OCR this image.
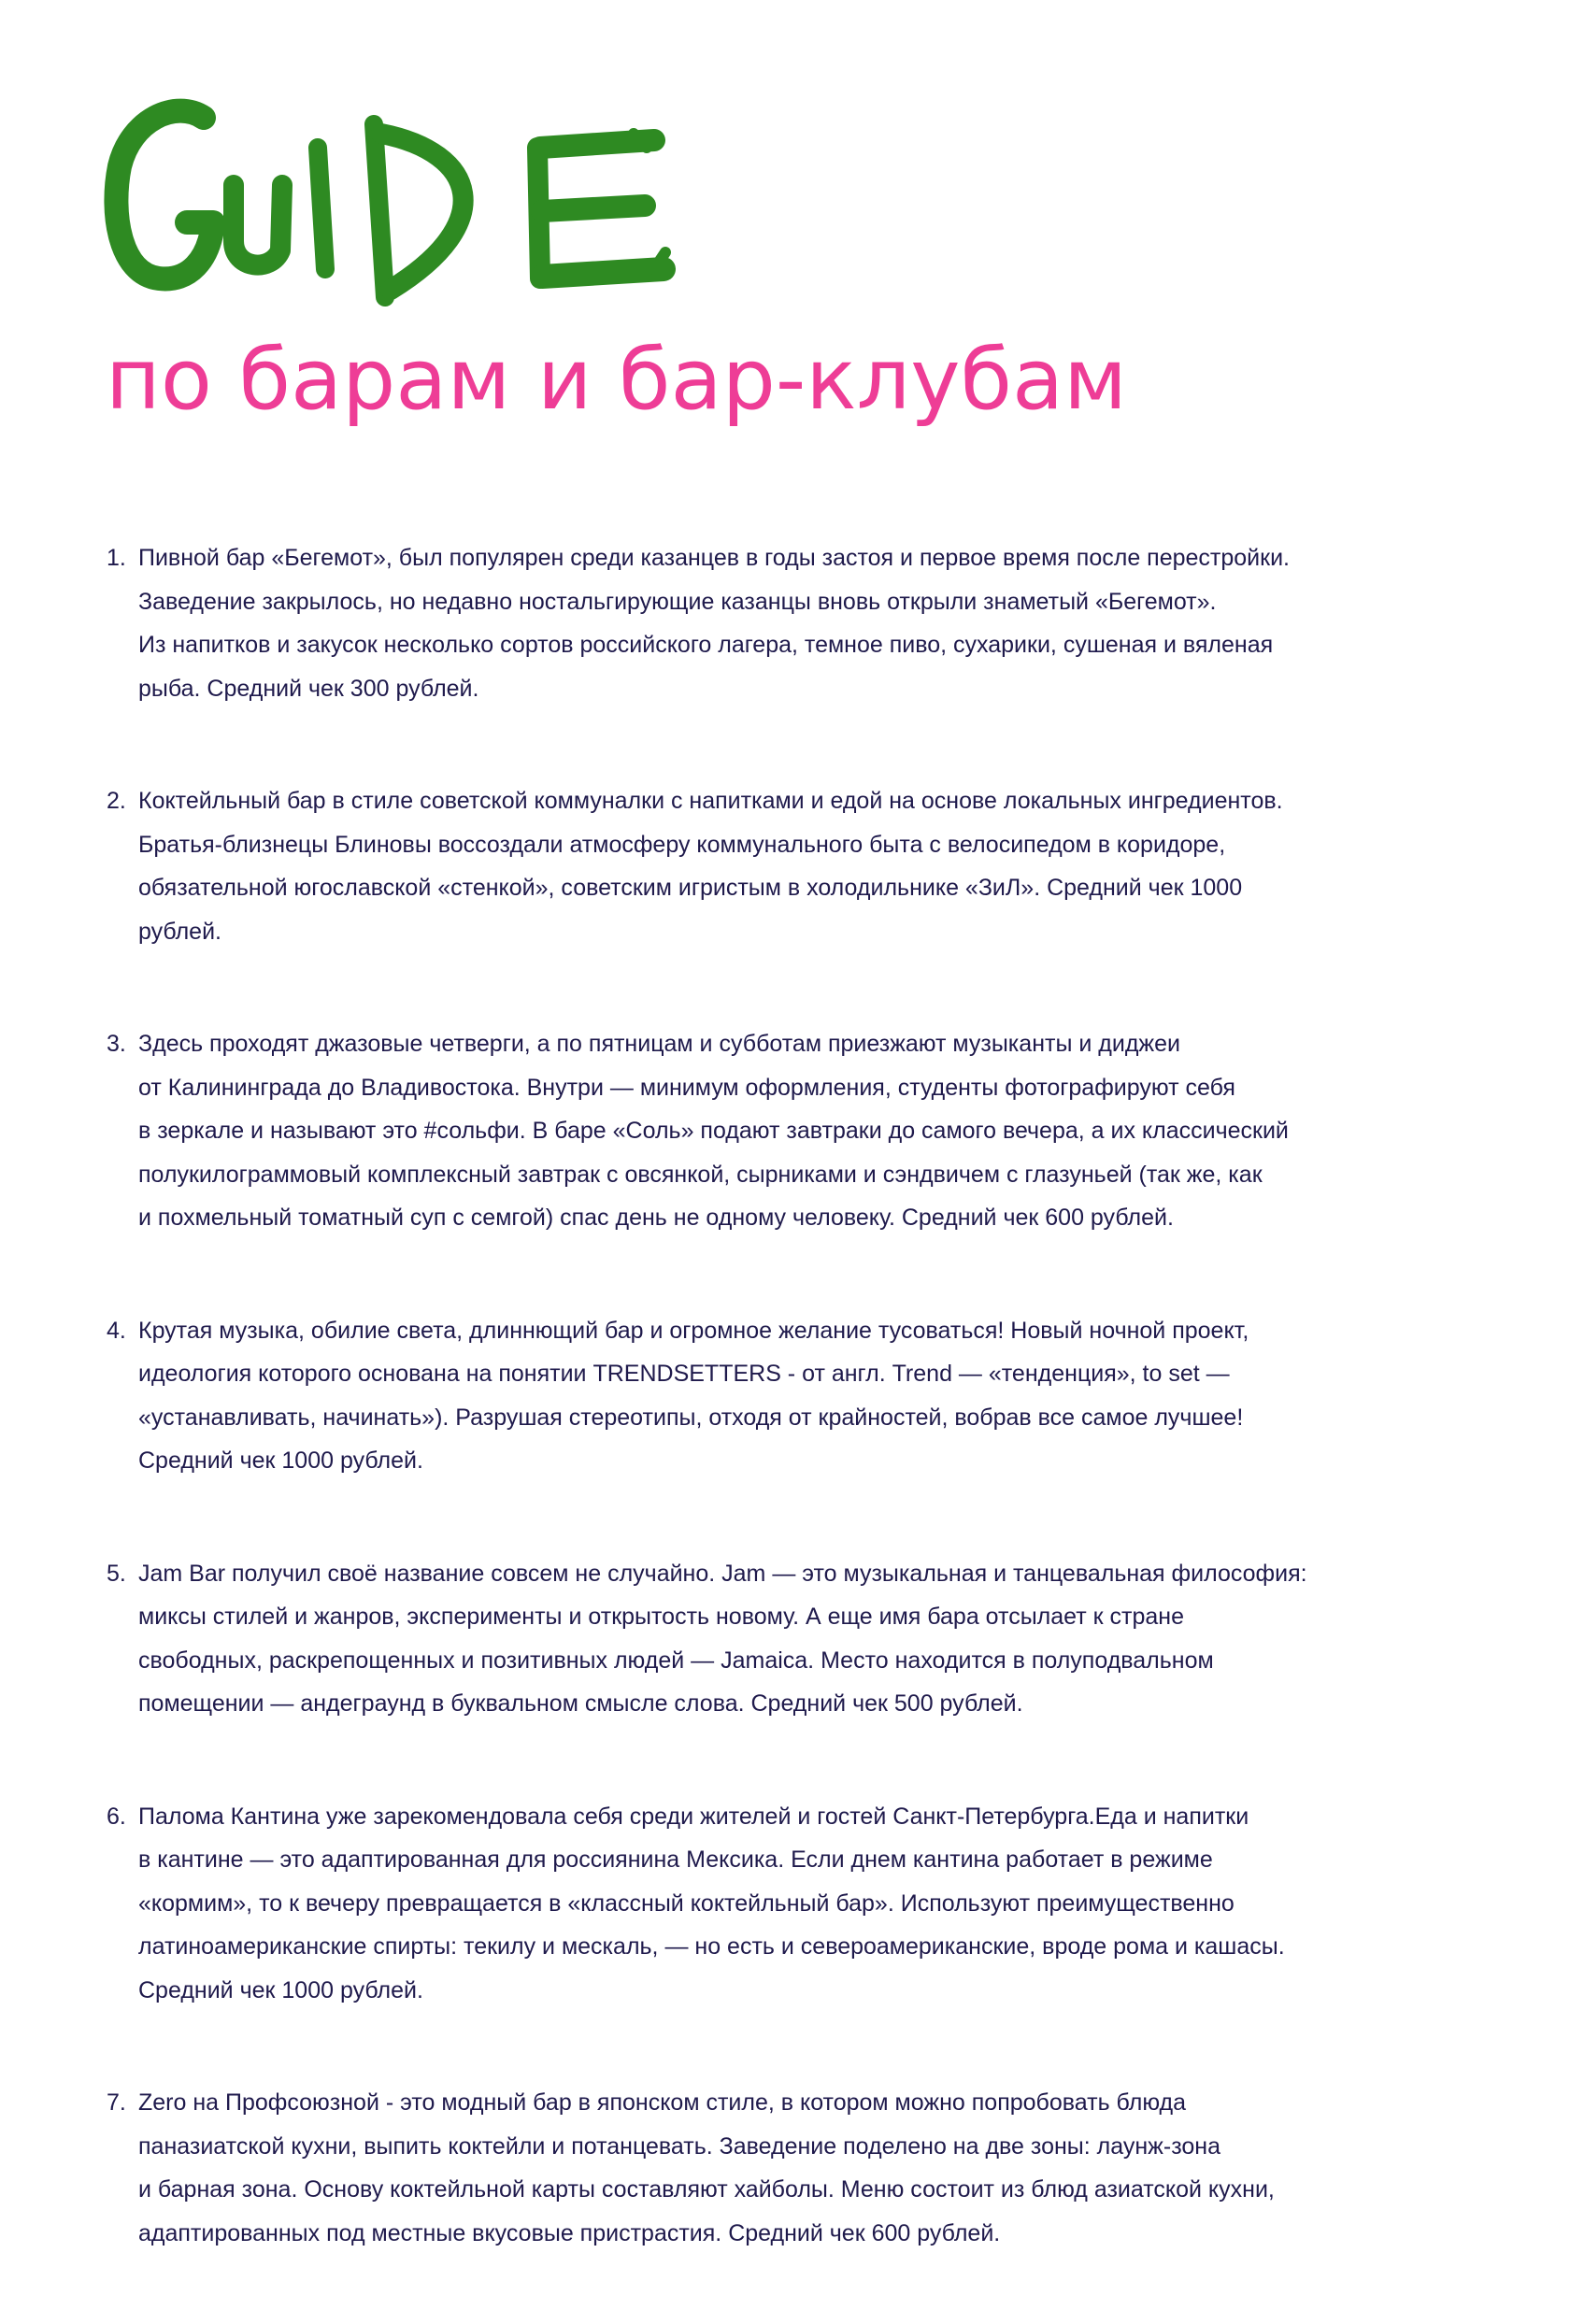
по барам и бар-клубам
1. Пивной бар «Бегемот», был популярен среди казанцев в годы застоя и первое время после перестройки.
Заведение закрылось, но недавно ностальгирующие казанцы вновь открыли знаметый «Бегемот».
Из напитков и закусок несколько сортов российского лагера, темное пиво, сухарики, сушеная и вяленая
рыба. Средний чек 300 рублей.
2. Коктейльный бар в стиле советской коммуналки с напитками и едой на основе локальных ингредиентов.
Братья-близнецы Блиновы воссоздали атмосферу коммунального быта с велосипедом в коридоре,
обязательной югославской «стенкой», советским игристым в холодильнике «ЗиЛ». Средний чек 1000
рублей.
3. Здесь проходят джазовые четверги, а по пятницам и субботам приезжают музыканты и диджеи
от Калининграда до Владивостока. Внутри — минимум оформления, студенты фотографируют себя
в зеркале и называют это #сольфи. В баре «Соль» подают завтраки до самого вечера, а их классический
полукилограммовый комплексный завтрак с овсянкой, сырниками и сэндвичем с глазуньей (так же, как
и похмельный томатный суп с семгой) спас день не одному человеку. Средний чек 600 рублей.
4. Крутая музыка, обилие света, длиннющий бар и огромное желание тусоваться! Новый ночной проект,
идеология которого основана на понятии TRENDSETTERS - от англ. Trend — «тенденция», to set —
«устанавливать, начинать»). Разрушая стереотипы, отходя от крайностей, вобрав все самое лучшее!
Средний чек 1000 рублей.
5. Jam Bar получил своё название совсем не случайно. Jam — это музыкальная и танцевальная философия:
миксы стилей и жанров, эксперименты и открытость новому. А еще имя бара отсылает к стране
свободных, раскрепощенных и позитивных людей — Jamaica. Место находится в полуподвальном
помещении — андеграунд в буквальном смысле слова. Средний чек 500 рублей.
6. Палома Кантина уже зарекомендовала себя среди жителей и гостей Санкт-Петербурга.Еда и напитки
в кантине — это адаптированная для россиянина Мексика. Если днем кантина работает в режиме
«кормим», то к вечеру превращается в «классный коктейльный бар». Используют преимущественно
латиноамериканские спирты: текилу и мескаль, — но есть и североамериканские, вроде рома и кашасы.
Средний чек 1000 рублей.
7. Zero на Профсоюзной - это модный бар в японском стиле, в котором можно попробовать блюда
паназиатской кухни, выпить коктейли и потанцевать. Заведение поделено на две зоны: лаунж-зона
и барная зона. Основу коктейльной карты составляют хайболы. Меню состоит из блюд азиатской кухни,
адаптированных под местные вкусовые пристрастия. Средний чек 600 рублей.
